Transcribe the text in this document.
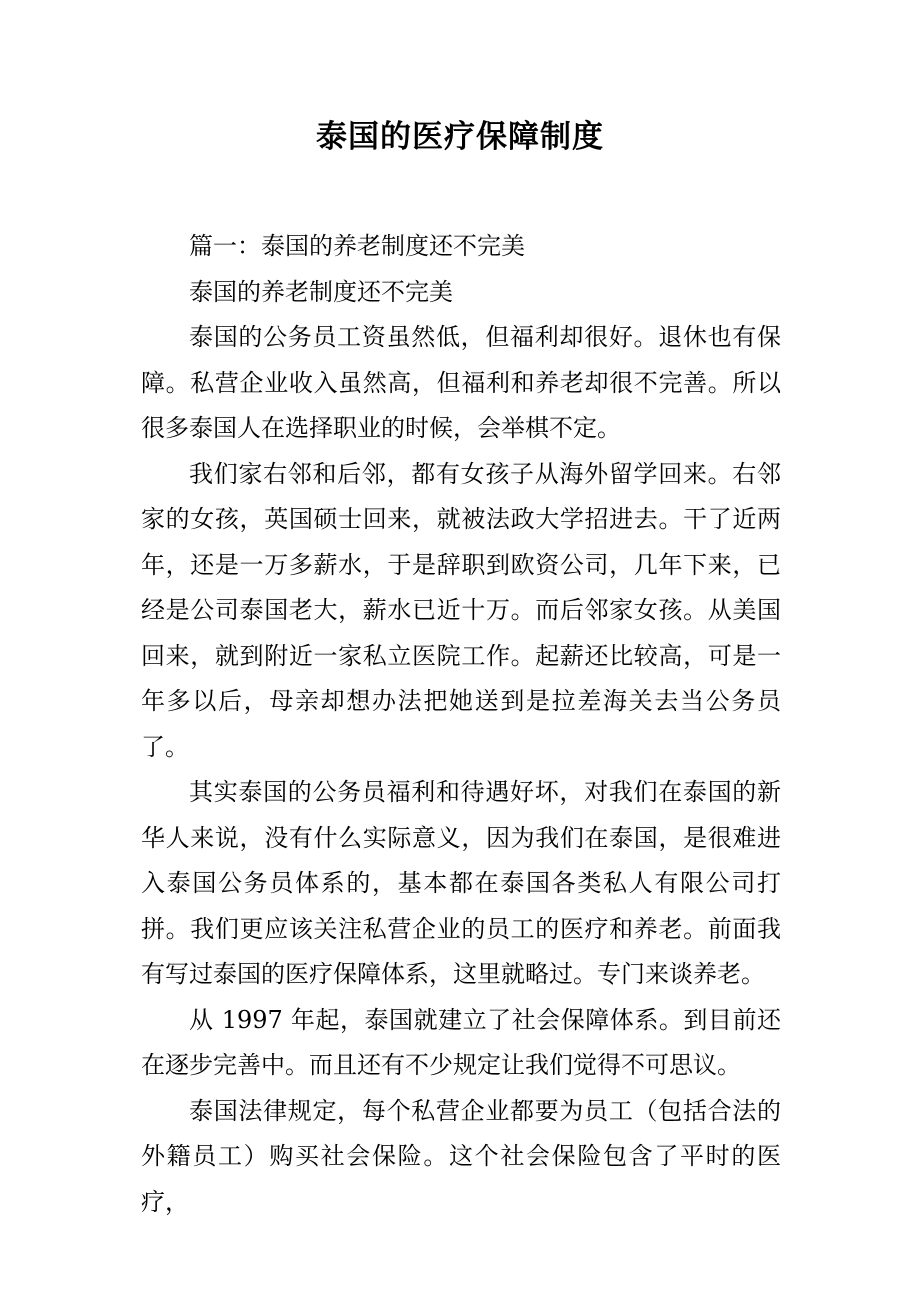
泰国的医疗保障制度

篇一：泰国的养老制度还不完美

泰国的养老制度还不完美

泰国的公务员工资虽然低，但福利却很好。退休也有保障。私营企业收入虽然高，但福利和养老却很不完善。所以很多泰国人在选择职业的时候，会举棋不定。

我们家右邻和后邻，都有女孩子从海外留学回来。右邻家的女孩，英国硕士回来，就被法政大学招进去。干了近两年，还是一万多薪水，于是辞职到欧资公司，几年下来，已经是公司泰国老大，薪水已近十万。而后邻家女孩。从美国回来，就到附近一家私立医院工作。起薪还比较高，可是一年多以后，母亲却想办法把她送到是拉差海关去当公务员了。

其实泰国的公务员福利和待遇好坏，对我们在泰国的新华人来说，没有什么实际意义，因为我们在泰国，是很难进入泰国公务员体系的，基本都在泰国各类私人有限公司打拼。我们更应该关注私营企业的员工的医疗和养老。前面我有写过泰国的医疗保障体系，这里就略过。专门来谈养老。

从 1997 年起，泰国就建立了社会保障体系。到目前还在逐步完善中。而且还有不少规定让我们觉得不可思议。

泰国法律规定，每个私营企业都要为员工（包括合法的外籍员工）购买社会保险。这个社会保险包含了平时的医疗，
